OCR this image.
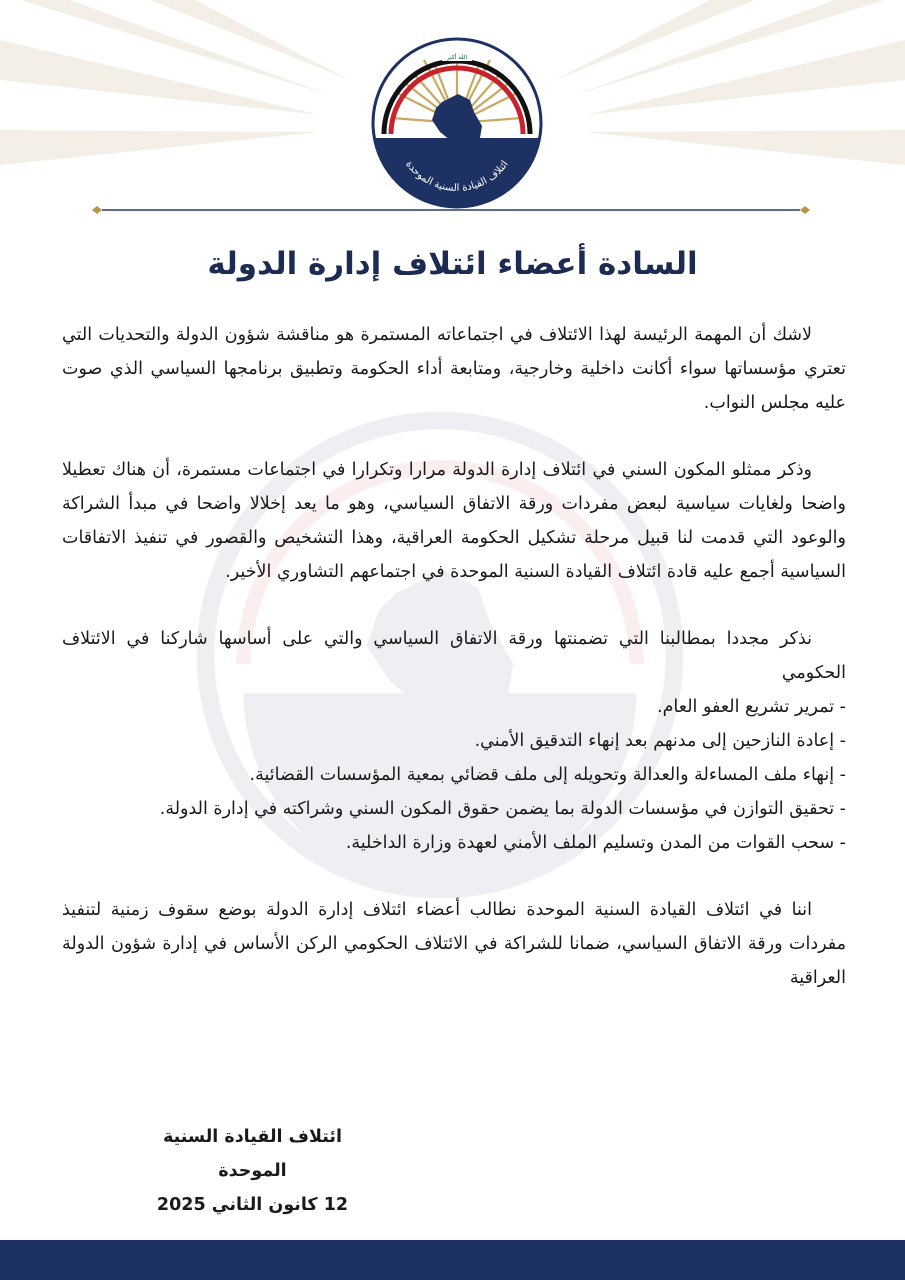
الله أكبر
ائتلاف القيادة السنية الموحدة
السادة أعضاء ائتلاف إدارة الدولة

لاشك أن المهمة الرئيسة لهذا الائتلاف في اجتماعاته المستمرة هو مناقشة شؤون الدولة والتحديات التي تعتري مؤسساتها سواء أكانت داخلية وخارجية، ومتابعة أداء الحكومة وتطبيق برنامجها السياسي الذي صوت عليه مجلس النواب.

وذكر ممثلو المكون السني في ائتلاف إدارة الدولة مرارا وتكرارا في اجتماعات مستمرة، أن هناك تعطيلا واضحا ولغايات سياسية لبعض مفردات ورقة الاتفاق السياسي، وهو ما يعد إخلالا واضحا في مبدأ الشراكة والوعود التي قدمت لنا قبيل مرحلة تشكيل الحكومة العراقية، وهذا التشخيص والقصور في تنفيذ الاتفاقات السياسية أجمع عليه قادة ائتلاف القيادة السنية الموحدة في اجتماعهم التشاوري الأخير.

نذكر مجددا بمطالبنا التي تضمنتها ورقة الاتفاق السياسي والتي على أساسها شاركنا في الائتلاف الحكومي

- تمرير تشريع العفو العام.
- إعادة النازحين إلى مدنهم بعد إنهاء التدقيق الأمني.
- إنهاء ملف المساءلة والعدالة وتحويله إلى ملف قضائي بمعية المؤسسات القضائية.
- تحقيق التوازن في مؤسسات الدولة بما يضمن حقوق المكون السني وشراكته في إدارة الدولة.
- سحب القوات من المدن وتسليم الملف الأمني لعهدة وزارة الداخلية.

اننا في ائتلاف القيادة السنية الموحدة نطالب أعضاء ائتلاف إدارة الدولة بوضع سقوف زمنية لتنفيذ مفردات ورقة الاتفاق السياسي، ضمانا للشراكة في الائتلاف الحكومي الركن الأساس في إدارة شؤون الدولة العراقية

ائتلاف القيادة السنية الموحدة
12 كانون الثاني 2025
